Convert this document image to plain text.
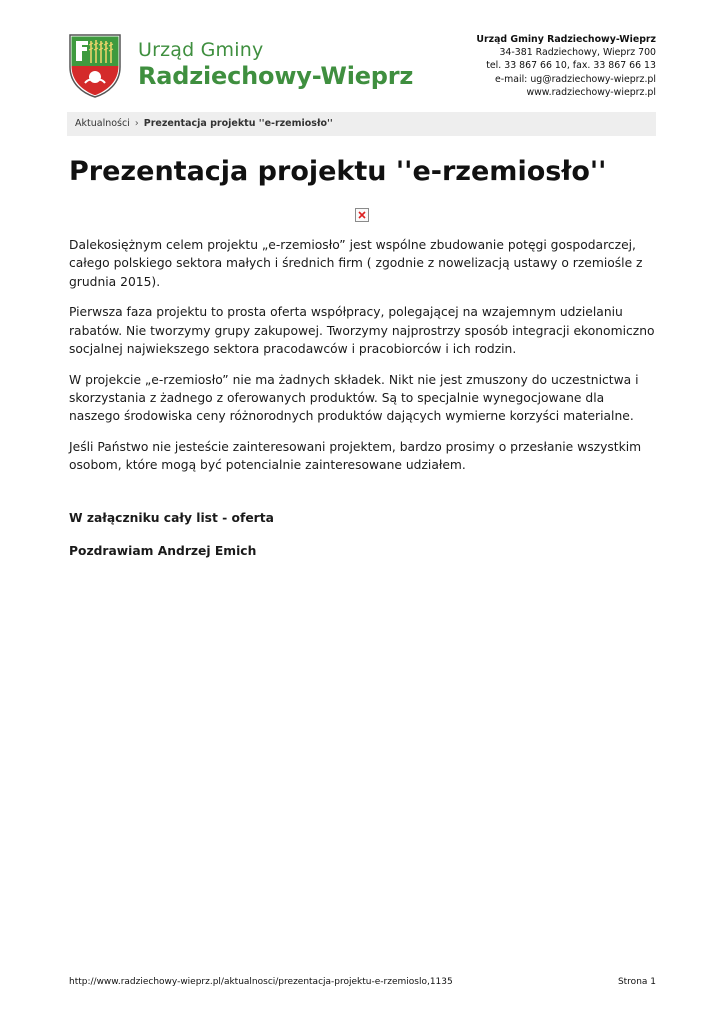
Urząd Gminy
Radziechowy-Wieprz
Urząd Gminy Radziechowy-Wieprz
34-381 Radziechowy, Wieprz 700
tel. 33 867 66 10, fax. 33 867 66 13
e-mail: ug@radziechowy-wieprz.pl
www.radziechowy-wieprz.pl
Aktualności › Prezentacja projektu ''e-rzemiosło''
Prezentacja projektu ''e-rzemiosło''

Dalekosiężnym celem projektu „e-rzemiosło” jest wspólne zbudowanie potęgi gospodarczej, całego polskiego sektora małych i średnich firm ( zgodnie z nowelizacją ustawy o rzemiośle z grudnia 2015).

Pierwsza faza projektu to prosta oferta współpracy, polegającej na wzajemnym udzielaniu rabatów. Nie tworzymy grupy zakupowej. Tworzymy najprostrzy sposób integracji ekonomiczno socjalnej najwiekszego sektora pracodawców i pracobiorców i ich rodzin.

W projekcie „e-rzemiosło” nie ma żadnych składek. Nikt nie jest zmuszony do uczestnictwa i skorzystania z żadnego z oferowanych produktów. Są to specjalnie wynegocjowane dla naszego środowiska ceny różnorodnych produktów dających wymierne korzyści materialne.

Jeśli Państwo nie jesteście zainteresowani projektem, bardzo prosimy o przesłanie wszystkim osobom, które mogą być potencialnie zainteresowane udziałem.

W załączniku cały list - oferta

Pozdrawiam Andrzej Emich

http://www.radziechowy-wieprz.pl/aktualnosci/prezentacja-projektu-e-rzemioslo,1135	Strona 1
